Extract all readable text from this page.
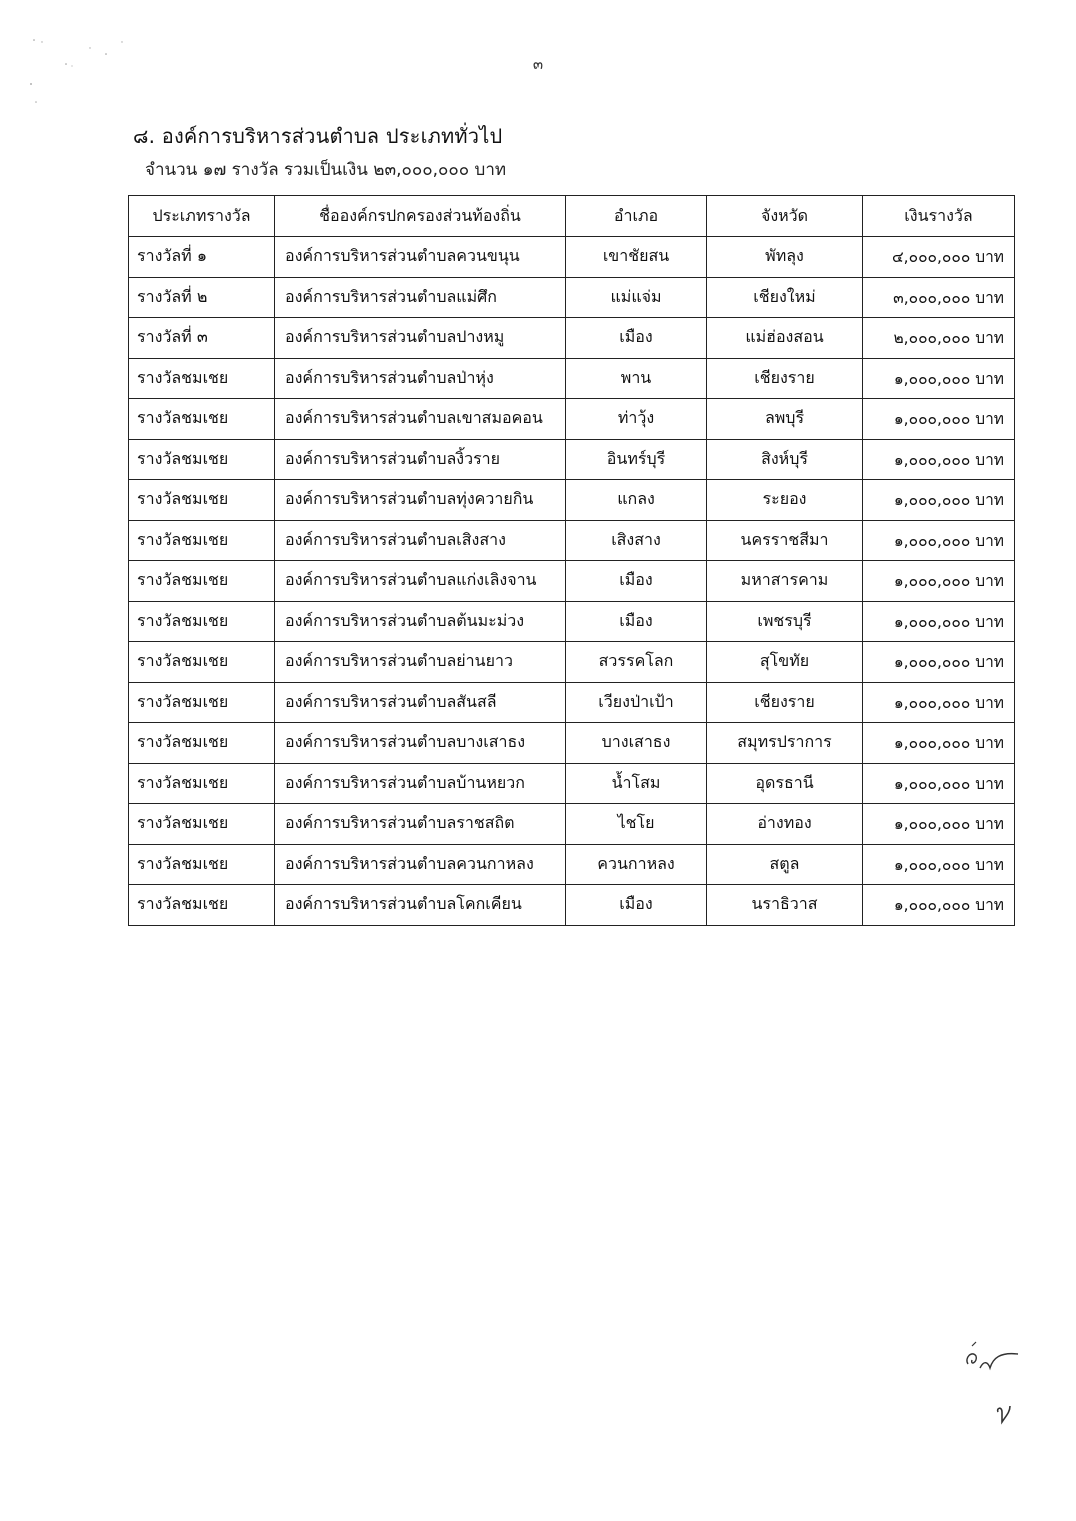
๓
๘. องค์การบริหารส่วนตำบล ประเภททั่วไป
จำนวน ๑๗ รางวัล รวมเป็นเงิน ๒๓,๐๐๐,๐๐๐ บาท
ประเภทรางวัล	ชื่อองค์กรปกครองส่วนท้องถิ่น	อำเภอ	จังหวัด	เงินรางวัล
รางวัลที่ ๑	องค์การบริหารส่วนตำบลควนขนุน	เขาชัยสน	พัทลุง	๔,๐๐๐,๐๐๐ บาท
รางวัลที่ ๒	องค์การบริหารส่วนตำบลแม่ศึก	แม่แจ่ม	เชียงใหม่	๓,๐๐๐,๐๐๐ บาท
รางวัลที่ ๓	องค์การบริหารส่วนตำบลปางหมู	เมือง	แม่ฮ่องสอน	๒,๐๐๐,๐๐๐ บาท
รางวัลชมเชย	องค์การบริหารส่วนตำบลป่าหุ่ง	พาน	เชียงราย	๑,๐๐๐,๐๐๐ บาท
รางวัลชมเชย	องค์การบริหารส่วนตำบลเขาสมอคอน	ท่าวุ้ง	ลพบุรี	๑,๐๐๐,๐๐๐ บาท
รางวัลชมเชย	องค์การบริหารส่วนตำบลงิ้วราย	อินทร์บุรี	สิงห์บุรี	๑,๐๐๐,๐๐๐ บาท
รางวัลชมเชย	องค์การบริหารส่วนตำบลทุ่งควายกิน	แกลง	ระยอง	๑,๐๐๐,๐๐๐ บาท
รางวัลชมเชย	องค์การบริหารส่วนตำบลเสิงสาง	เสิงสาง	นครราชสีมา	๑,๐๐๐,๐๐๐ บาท
รางวัลชมเชย	องค์การบริหารส่วนตำบลแก่งเลิงจาน	เมือง	มหาสารคาม	๑,๐๐๐,๐๐๐ บาท
รางวัลชมเชย	องค์การบริหารส่วนตำบลต้นมะม่วง	เมือง	เพชรบุรี	๑,๐๐๐,๐๐๐ บาท
รางวัลชมเชย	องค์การบริหารส่วนตำบลย่านยาว	สวรรคโลก	สุโขทัย	๑,๐๐๐,๐๐๐ บาท
รางวัลชมเชย	องค์การบริหารส่วนตำบลสันสลี	เวียงป่าเป้า	เชียงราย	๑,๐๐๐,๐๐๐ บาท
รางวัลชมเชย	องค์การบริหารส่วนตำบลบางเสาธง	บางเสาธง	สมุทรปราการ	๑,๐๐๐,๐๐๐ บาท
รางวัลชมเชย	องค์การบริหารส่วนตำบลบ้านหยวก	น้ำโสม	อุดรธานี	๑,๐๐๐,๐๐๐ บาท
รางวัลชมเชย	องค์การบริหารส่วนตำบลราชสถิต	ไชโย	อ่างทอง	๑,๐๐๐,๐๐๐ บาท
รางวัลชมเชย	องค์การบริหารส่วนตำบลควนกาหลง	ควนกาหลง	สตูล	๑,๐๐๐,๐๐๐ บาท
รางวัลชมเชย	องค์การบริหารส่วนตำบลโคกเคียน	เมือง	นราธิวาส	๑,๐๐๐,๐๐๐ บาท
